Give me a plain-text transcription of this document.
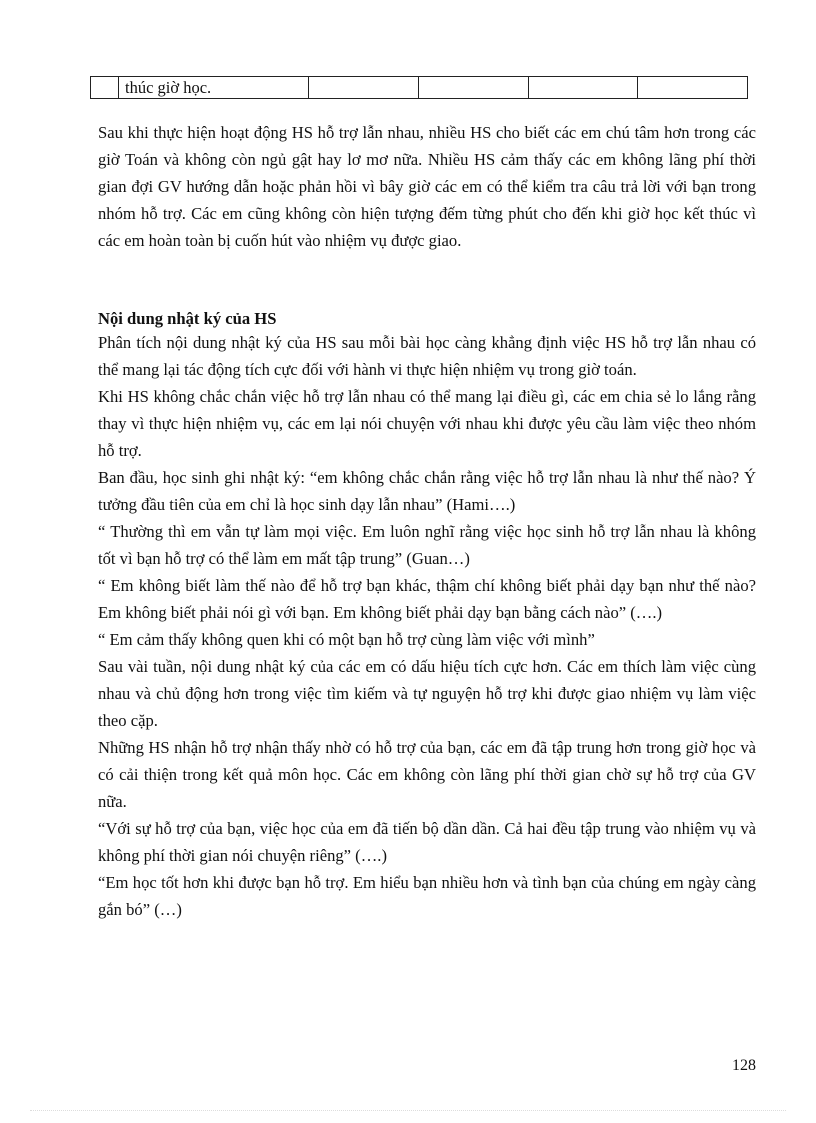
	thúc giờ học.				

Sau khi thực hiện hoạt động HS hỗ trợ lẫn nhau, nhiều HS cho biết các em chú tâm hơn trong các giờ Toán và không còn ngủ gật hay lơ mơ nữa. Nhiều HS cảm thấy các em không lãng phí thời gian đợi GV hướng dẫn hoặc phản hồi vì bây giờ các em có thể kiểm tra câu trả lời với bạn trong nhóm hỗ trợ. Các em cũng không còn hiện tượng đếm từng phút cho đến khi giờ học kết thúc vì các em hoàn toàn bị cuốn hút vào nhiệm vụ được giao.

Nội dung nhật ký của HS

Phân tích nội dung nhật ký của HS sau mỗi bài học càng khẳng định việc HS hỗ trợ lẫn nhau có thể mang lại tác động tích cực đối với hành vi thực hiện nhiệm vụ trong giờ toán.

Khi HS không chắc chắn việc hỗ trợ lẫn nhau có thể mang lại điều gì, các em chia sẻ lo lắng rằng thay vì thực hiện nhiệm vụ, các em lại nói chuyện với nhau khi được yêu cầu làm việc theo nhóm hỗ trợ.

Ban đầu, học sinh ghi nhật ký: “em không chắc chắn rằng việc hỗ trợ lẫn nhau là như thế nào? Ý tưởng đầu tiên của em chỉ là học sinh dạy lẫn nhau” (Hami….)

“ Thường thì em vẫn tự làm mọi việc. Em luôn nghĩ rằng việc học sinh hỗ trợ lẫn nhau là không tốt vì bạn hỗ trợ có thể làm em mất tập trung” (Guan…)

“ Em không biết làm thế nào để hỗ trợ bạn khác, thậm chí không biết phải dạy bạn như thế nào? Em không biết phải nói gì với bạn. Em không biết phải dạy bạn bằng cách nào” (….)

“ Em cảm thấy không quen khi có một bạn hỗ trợ cùng làm việc với mình”

Sau vài tuần, nội dung nhật ký của các em có dấu hiệu tích cực hơn. Các em thích làm việc cùng nhau và chủ động hơn trong việc tìm kiếm và tự nguyện hỗ trợ khi được giao nhiệm vụ làm việc theo cặp.

Những HS nhận hỗ trợ nhận thấy nhờ có hỗ trợ của bạn, các em đã tập trung hơn trong giờ học và có cải thiện trong kết quả môn học. Các em không còn lãng phí thời gian chờ sự hỗ trợ của GV nữa.

“Với sự hỗ trợ của bạn, việc học của em đã tiến bộ dần dần. Cả hai đều tập trung vào nhiệm vụ và không phí thời gian nói chuyện riêng” (….)

“Em học tốt hơn khi được bạn hỗ trợ. Em hiểu bạn nhiều hơn và tình bạn của chúng em ngày càng gắn bó” (…)

128
